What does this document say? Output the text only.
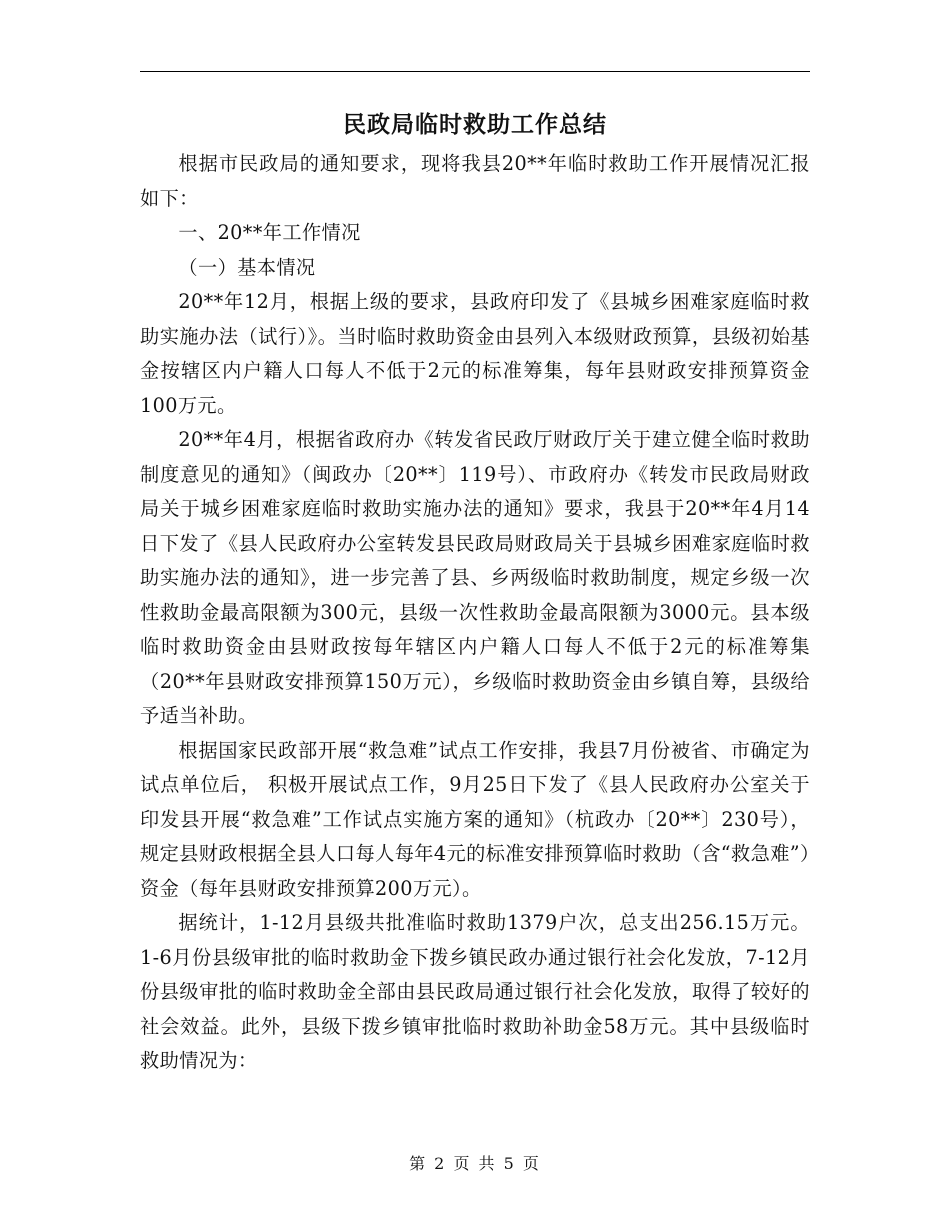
民政局临时救助工作总结

根据市民政局的通知要求，现将我县20**年临时救助工作开展情况汇报如下：

一、20**年工作情况

（一）基本情况

20**年12月，根据上级的要求，县政府印发了《县城乡困难家庭临时救助实施办法（试行）》。当时临时救助资金由县列入本级财政预算，县级初始基金按辖区内户籍人口每人不低于2元的标准筹集，每年县财政安排预算资金100万元。

20**年4月，根据省政府办《转发省民政厅财政厅关于建立健全临时救助制度意见的通知》（闽政办〔20**〕119号）、市政府办《转发市民政局财政局关于城乡困难家庭临时救助实施办法的通知》要求，我县于20**年4月14日下发了《县人民政府办公室转发县民政局财政局关于县城乡困难家庭临时救助实施办法的通知》，进一步完善了县、乡两级临时救助制度，规定乡级一次性救助金最高限额为300元，县级一次性救助金最高限额为3000元。县本级临时救助资金由县财政按每年辖区内户籍人口每人不低于2元的标准筹集（20**年县财政安排预算150万元），乡级临时救助资金由乡镇自筹，县级给予适当补助。

根据国家民政部开展“救急难”试点工作安排，我县7月份被省、市确定为试点单位后， 积极开展试点工作，9月25日下发了《县人民政府办公室关于印发县开展“救急难”工作试点实施方案的通知》（杭政办〔20**〕230号），规定县财政根据全县人口每人每年4元的标准安排预算临时救助（含“救急难”）资金（每年县财政安排预算200万元）。

据统计，1-12月县级共批准临时救助1379户次，总支出256.15万元。1-6月份县级审批的临时救助金下拨乡镇民政办通过银行社会化发放，7-12月份县级审批的临时救助金全部由县民政局通过银行社会化发放，取得了较好的社会效益。此外，县级下拨乡镇审批临时救助补助金58万元。其中县级临时救助情况为：

第 2 页 共 5 页
